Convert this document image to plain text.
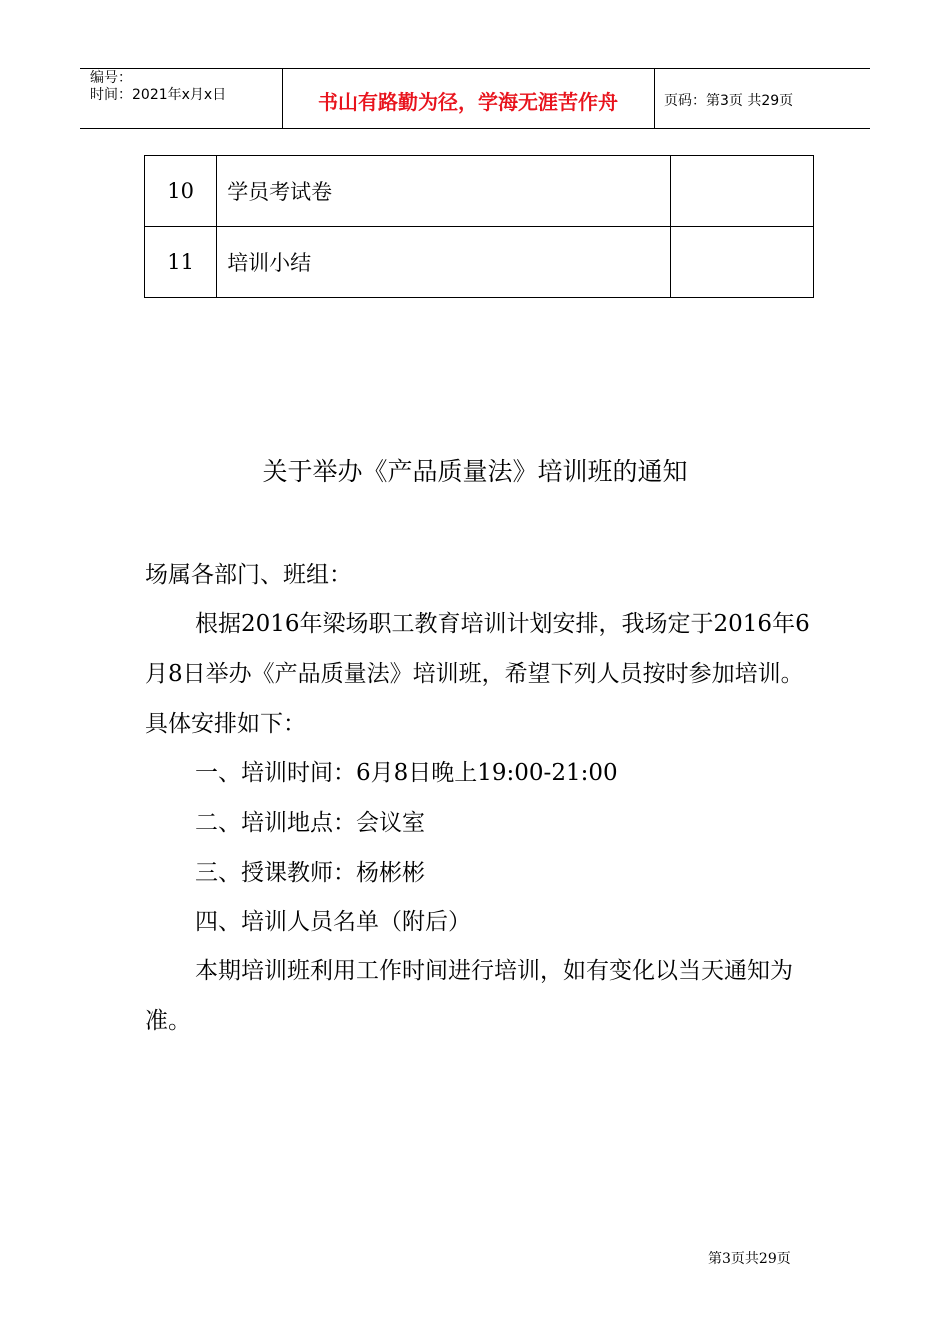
编号：
时间：2021年x月x日	书山有路勤为径，学海无涯苦作舟	页码：第3页 共29页
10	学员考试卷	
11	培训小结	
关于举办《产品质量法》培训班的通知

场属各部门、班组：

根据2016年梁场职工教育培训计划安排，我场定于2016年6月8日举办《产品质量法》培训班，希望下列人员按时参加培训。具体安排如下：

一、培训时间：6月8日晚上19:00-21:00

二、培训地点：会议室

三、授课教师：杨彬彬

四、培训人员名单（附后）

本期培训班利用工作时间进行培训，如有变化以当天通知为准。

第3页共29页
